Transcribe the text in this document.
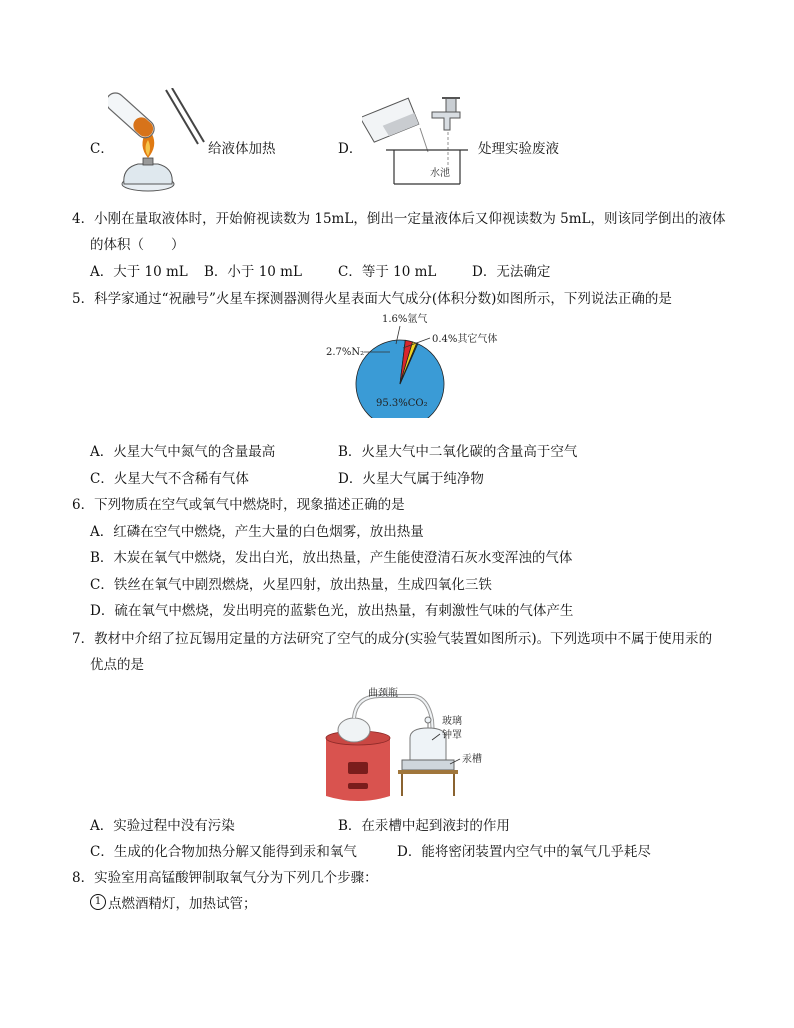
C．	给液体加热	D．
水池
处理实验废液
4．小刚在量取液体时，开始俯视读数为 15mL，倒出一定量液体后又仰视读数为 5mL，则该同学倒出的液体
的体积（　　）
A．大于 10 mL B．小于 10 mL	C．等于 10 mL	D．无法确定
5．科学家通过“祝融号”火星车探测器测得火星表面大气成分(体积分数)如图所示，下列说法正确的是
1.6%氩气
0.4%其它气体
2.7%N₂
95.3%CO₂
A．火星大气中氮气的含量最高	B．火星大气中二氧化碳的含量高于空气
C．火星大气不含稀有气体	D．火星大气属于纯净物
6．下列物质在空气或氧气中燃烧时，现象描述正确的是
A．红磷在空气中燃烧，产生大量的白色烟雾，放出热量
B．木炭在氧气中燃烧，发出白光，放出热量，产生能使澄清石灰水变浑浊的气体
C．铁丝在氧气中剧烈燃烧，火星四射，放出热量，生成四氧化三铁
D．硫在氧气中燃烧，发出明亮的蓝紫色光，放出热量，有刺激性气味的气体产生
7．教材中介绍了拉瓦锡用定量的方法研究了空气的成分(实验气装置如图所示)。下列选项中不属于使用汞的
优点的是
曲颈瓶
玻璃
钟罩
汞槽
A．实验过程中没有污染	B．在汞槽中起到液封的作用
C．生成的化合物加热分解又能得到汞和氧气	D．能将密闭装置内空气中的氧气几乎耗尽
8．实验室用高锰酸钾制取氧气分为下列几个步骤：
1 点燃酒精灯，加热试管；
